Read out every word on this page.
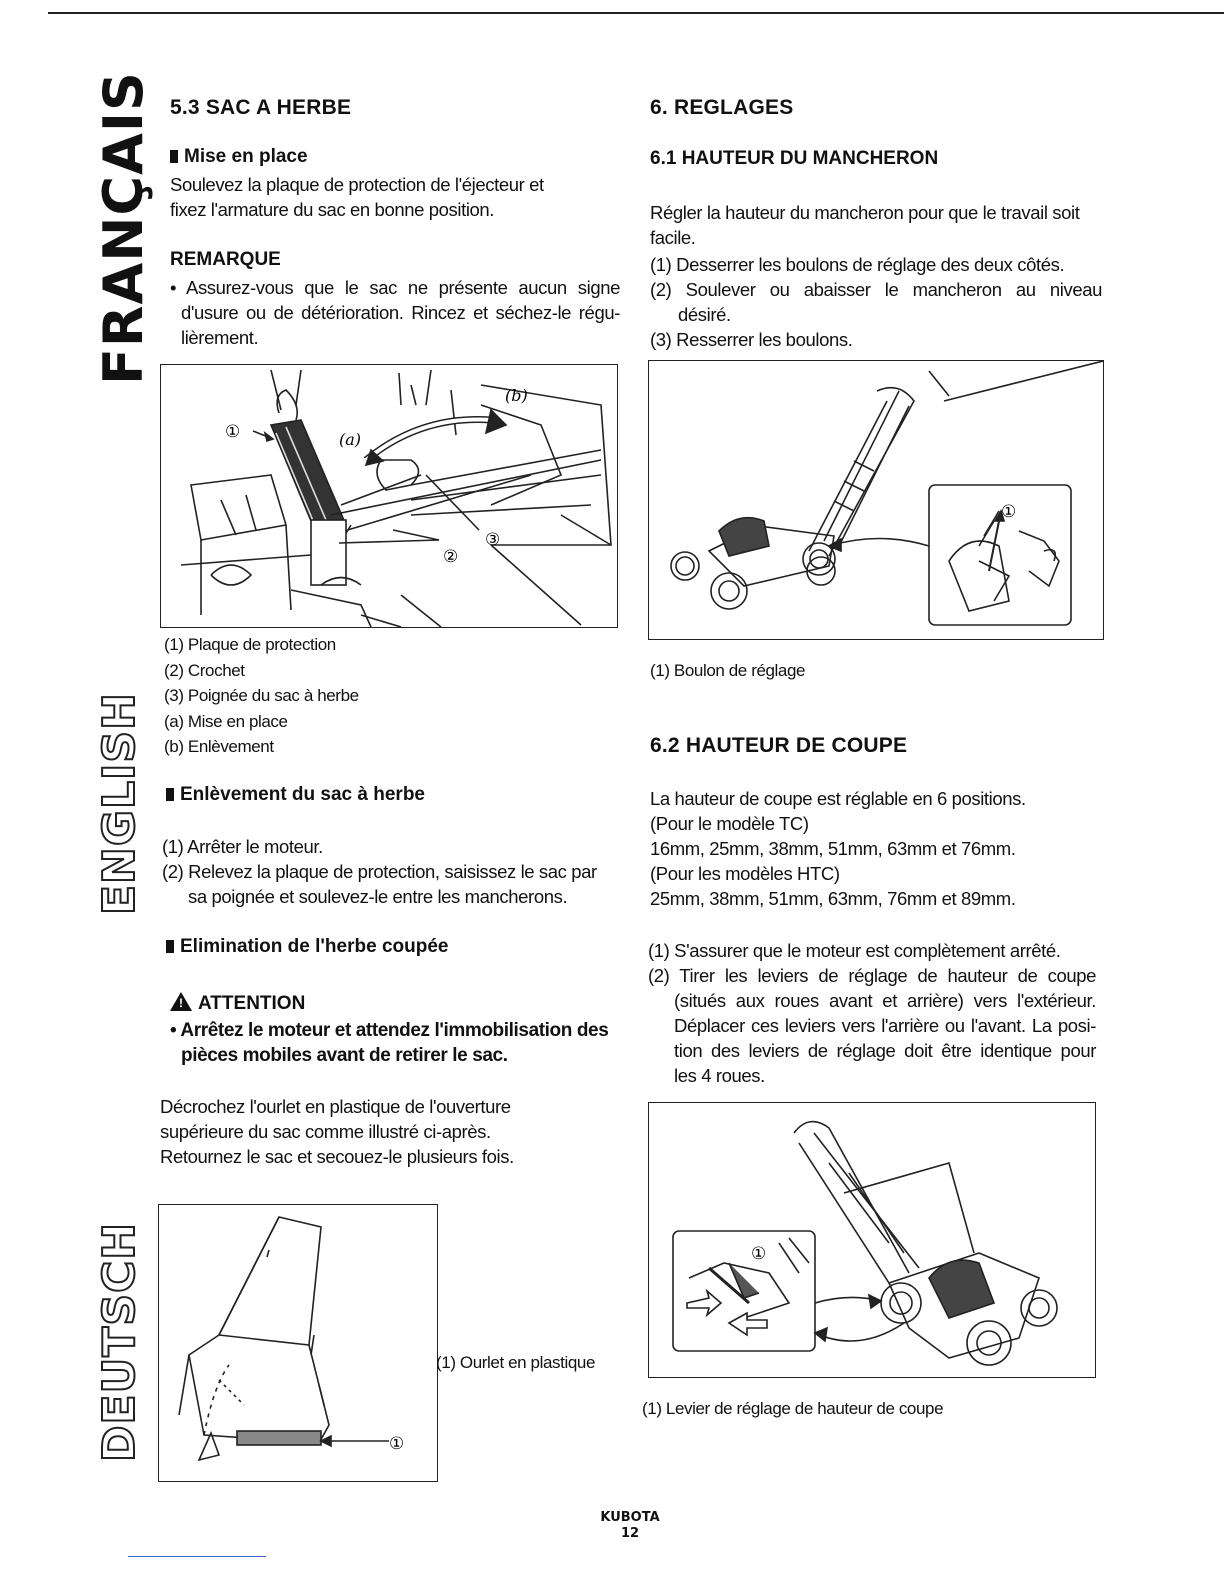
FRANÇAIS
ENGLISH
DEUTSCH
5.3 SAC A HERBE
Mise en place
Soulevez la plaque de protection de l'éjecteur et
fixez l'armature du sac en bonne position.
REMARQUE
• Assurez-vous que le sac ne présente aucun signe
d'usure ou de détérioration. Rincez et séchez-le régu-
lièrement.
①	(a)
(b)
②
③
(1) Plaque de protection
(2) Crochet
(3) Poignée du sac à herbe
(a) Mise en place
(b) Enlèvement
Enlèvement du sac à herbe
(1) Arrêter le moteur.
(2) Relevez la plaque de protection, saisissez le sac par
sa poignée et soulevez-le entre les mancherons.
Elimination de l'herbe coupée
! ATTENTION
• Arrêtez le moteur et attendez l'immobilisation des
pièces mobiles avant de retirer le sac.
Décrochez l'ourlet en plastique de l'ouverture
supérieure du sac comme illustré ci-après.
Retournez le sac et secouez-le plusieurs fois.
①
(1) Ourlet en plastique
6. REGLAGES
6.1 HAUTEUR DU MANCHERON
Régler la hauteur du mancheron pour que le travail soit
facile.
(1) Desserrer les boulons de réglage des deux côtés.
(2) Soulever ou abaisser le mancheron au niveau
désiré.
(3) Resserrer les boulons.
①
(1) Boulon de réglage
6.2 HAUTEUR DE COUPE
La hauteur de coupe est réglable en 6 positions.
(Pour le modèle TC)
16mm, 25mm, 38mm, 51mm, 63mm et 76mm.
(Pour les modèles HTC)
25mm, 38mm, 51mm, 63mm, 76mm et 89mm.
(1) S'assurer que le moteur est complètement arrêté.
(2) Tirer les leviers de réglage de hauteur de coupe
(situés aux roues avant et arrière) vers l'extérieur.
Déplacer ces leviers vers l'arrière ou l'avant. La posi-
tion des leviers de réglage doit être identique pour
les 4 roues.
①
(1) Levier de réglage de hauteur de coupe
KUBOTA
12
